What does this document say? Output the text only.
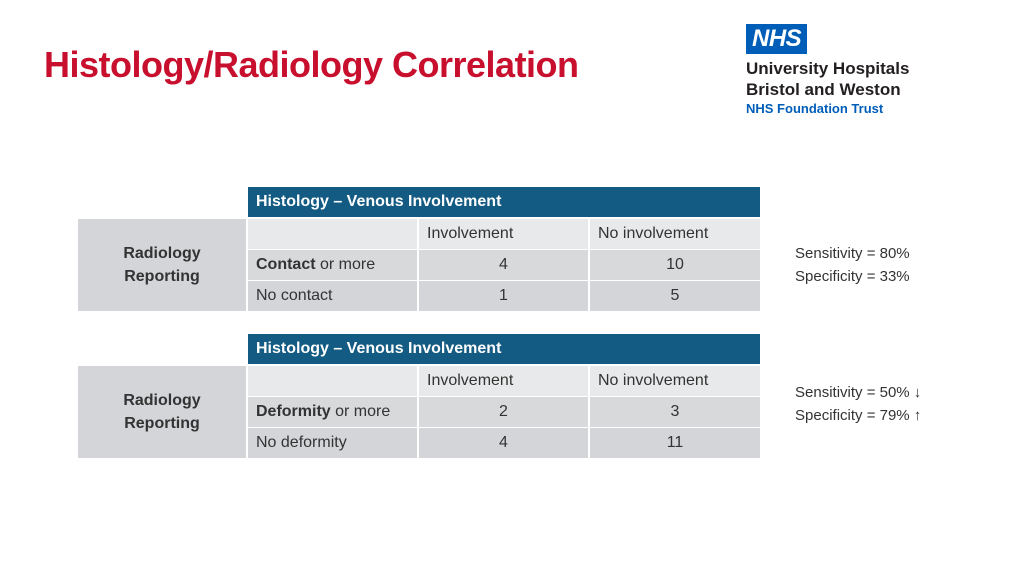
Histology/Radiology Correlation
NHS
University Hospitals
Bristol and Weston
NHS Foundation Trust
Histology – Venous Involvement
Radiology
Reporting
Involvement	No involvement
Contact or more	4	10
No contact	1	5
Sensitivity = 80%
Specificity = 33%
Histology – Venous Involvement
Radiology
Reporting
Involvement	No involvement
Deformity or more	2	3
No deformity	4	11
Sensitivity = 50% ↓
Specificity = 79% ↑
